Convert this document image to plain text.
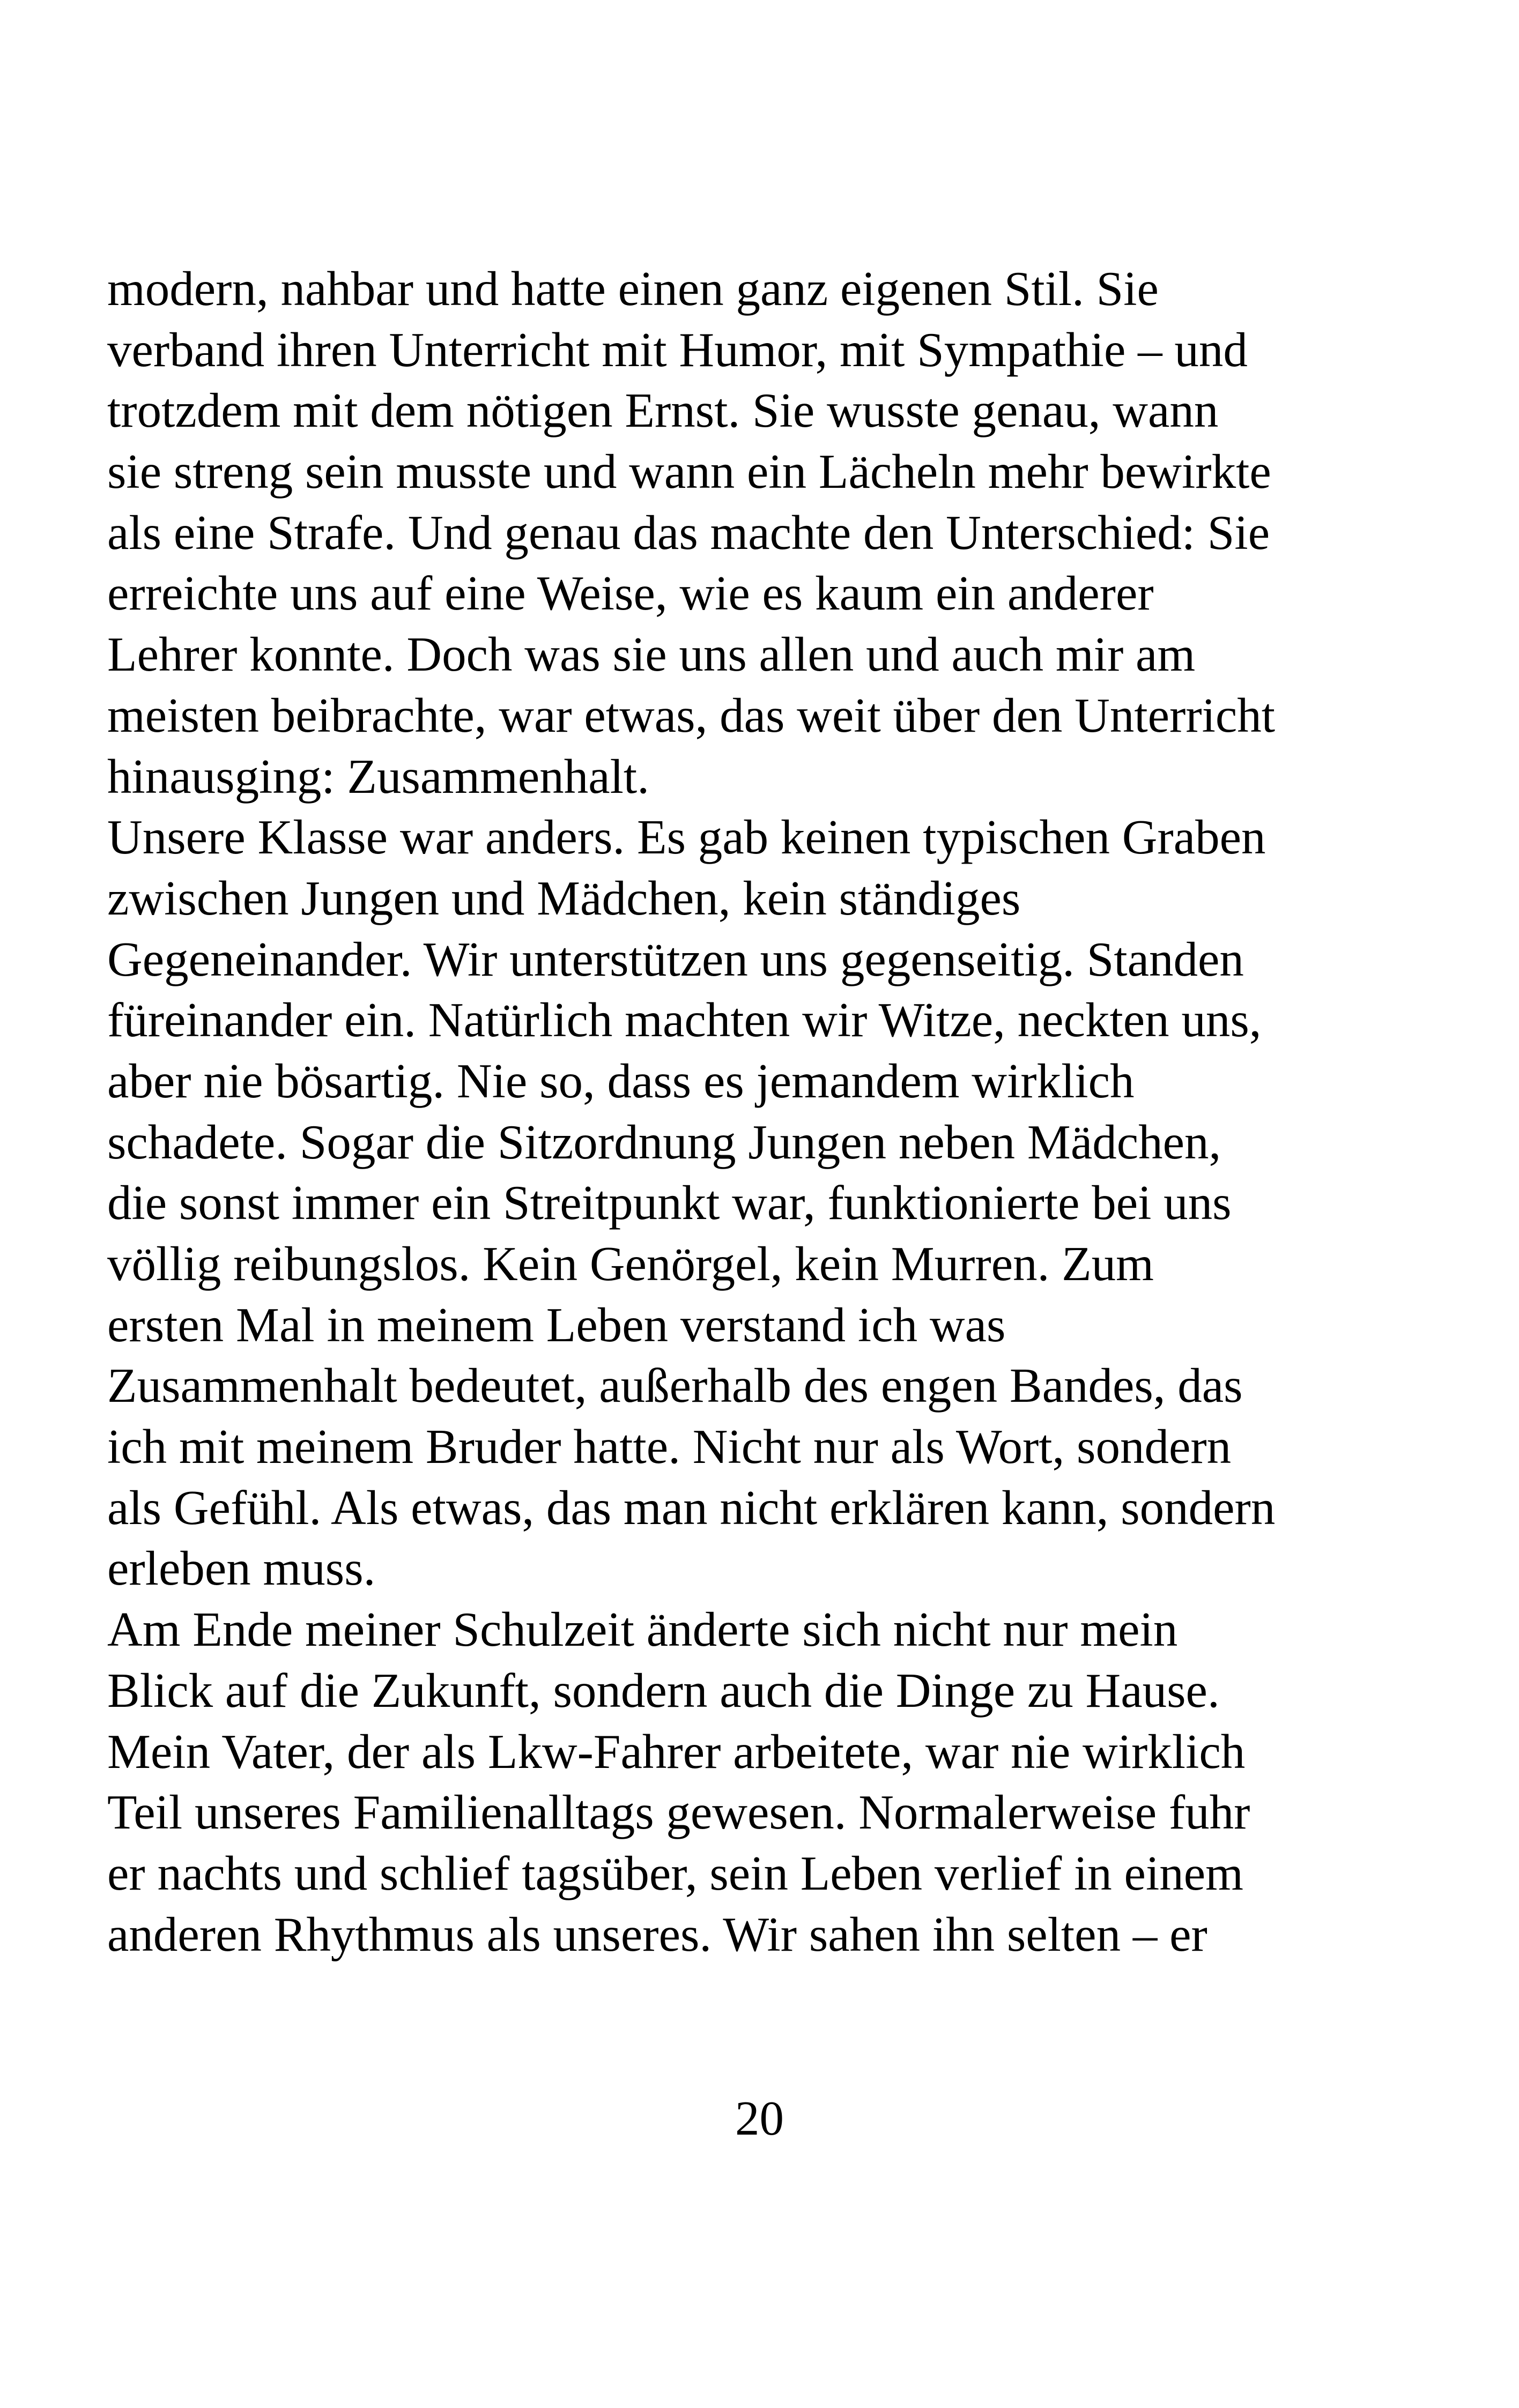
modern, nahbar und hatte einen ganz eigenen Stil. Sie
verband ihren Unterricht mit Humor, mit Sympathie – und
trotzdem mit dem nötigen Ernst. Sie wusste genau, wann
sie streng sein musste und wann ein Lächeln mehr bewirkte
als eine Strafe. Und genau das machte den Unterschied: Sie
erreichte uns auf eine Weise, wie es kaum ein anderer
Lehrer konnte. Doch was sie uns allen und auch mir am
meisten beibrachte, war etwas, das weit über den Unterricht
hinausging: Zusammenhalt.
Unsere Klasse war anders. Es gab keinen typischen Graben
zwischen Jungen und Mädchen, kein ständiges
Gegeneinander. Wir unterstützen uns gegenseitig. Standen
füreinander ein. Natürlich machten wir Witze, neckten uns,
aber nie bösartig. Nie so, dass es jemandem wirklich
schadete. Sogar die Sitzordnung Jungen neben Mädchen,
die sonst immer ein Streitpunkt war, funktionierte bei uns
völlig reibungslos. Kein Genörgel, kein Murren. Zum
ersten Mal in meinem Leben verstand ich was
Zusammenhalt bedeutet, außerhalb des engen Bandes, das
ich mit meinem Bruder hatte. Nicht nur als Wort, sondern
als Gefühl. Als etwas, das man nicht erklären kann, sondern
erleben muss.
Am Ende meiner Schulzeit änderte sich nicht nur mein
Blick auf die Zukunft, sondern auch die Dinge zu Hause.
Mein Vater, der als Lkw-Fahrer arbeitete, war nie wirklich
Teil unseres Familienalltags gewesen. Normalerweise fuhr
er nachts und schlief tagsüber, sein Leben verlief in einem
anderen Rhythmus als unseres. Wir sahen ihn selten – er
20
